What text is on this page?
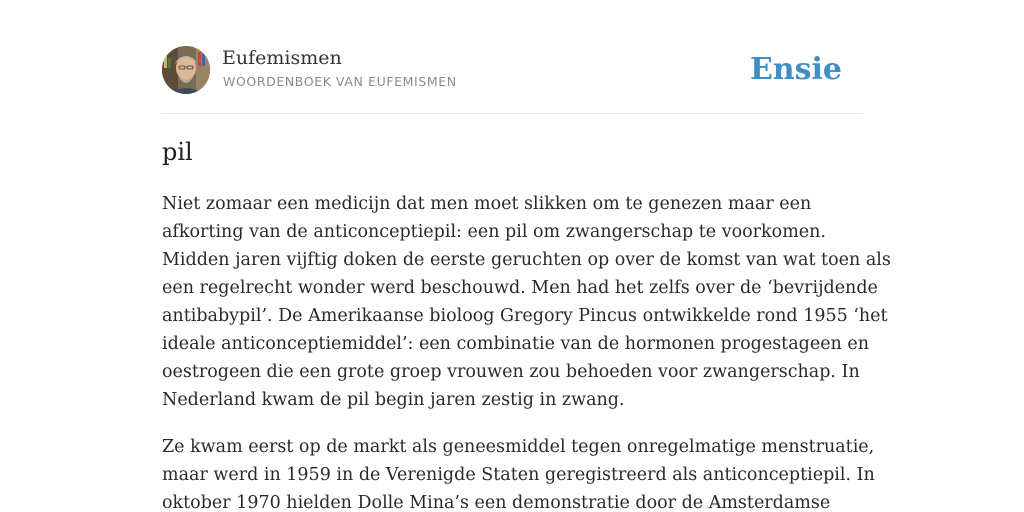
Eufemismen
WOORDENBOEK VAN EUFEMISMEN	Ensie
pil

Niet zomaar een medicijn dat men moet slikken om te genezen maar een
afkorting van de anticonceptiepil: een pil om zwangerschap te voorkomen.
Midden jaren vijftig doken de eerste geruchten op over de komst van wat toen als
een regelrecht wonder werd beschouwd. Men had het zelfs over de ‘bevrijdende
antibabypil’. De Amerikaanse bioloog Gregory Pincus ontwikkelde rond 1955 ‘het
ideale anticonceptiemiddel’: een combinatie van de hormonen progestageen en
oestrogeen die een grote groep vrouwen zou behoeden voor zwangerschap. In
Nederland kwam de pil begin jaren zestig in zwang.

Ze kwam eerst op de markt als geneesmiddel tegen onregelmatige menstruatie,
maar werd in 1959 in de Verenigde Staten geregistreerd als anticonceptiepil. In
oktober 1970 hielden Dolle Mina’s een demonstratie door de Amsterdamse
